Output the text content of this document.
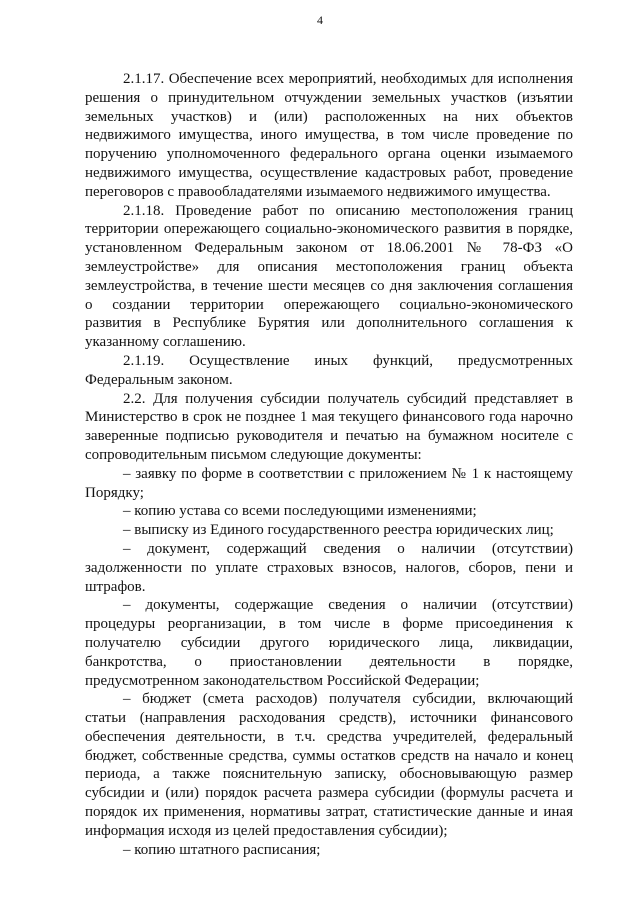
4
2.1.17. Обеспечение всех мероприятий, необходимых для исполнения
решения о принудительном отчуждении земельных участков (изъятии
земельных участков) и (или) расположенных на них объектов
недвижимого имущества, иного имущества, в том числе проведение по
поручению уполномоченного федерального органа оценки изымаемого
недвижимого имущества, осуществление кадастровых работ, проведение
переговоров с правообладателями изымаемого недвижимого имущества.
2.1.18. Проведение работ по описанию местоположения границ
территории опережающего социально-экономического развития в порядке,
установленном Федеральным законом от 18.06.2001 № 78-ФЗ «О
землеустройстве» для описания местоположения границ объекта
землеустройства, в течение шести месяцев со дня заключения соглашения
о создании территории опережающего социально-экономического
развития в Республике Бурятия или дополнительного соглашения к
указанному соглашению.
2.1.19. Осуществление иных функций, предусмотренных
Федеральным законом.
2.2. Для получения субсидии получатель субсидий представляет в
Министерство в срок не позднее 1 мая текущего финансового года нарочно
заверенные подписью руководителя и печатью на бумажном носителе с
сопроводительным письмом следующие документы:
– заявку по форме в соответствии с приложением № 1 к настоящему
Порядку;
– копию устава со всеми последующими изменениями;
– выписку из Единого государственного реестра юридических лиц;
– документ, содержащий сведения о наличии (отсутствии)
задолженности по уплате страховых взносов, налогов, сборов, пени и
штрафов.
– документы, содержащие сведения о наличии (отсутствии)
процедуры реорганизации, в том числе в форме присоединения к
получателю субсидии другого юридического лица, ликвидации,
банкротства, о приостановлении деятельности в порядке,
предусмотренном законодательством Российской Федерации;
– бюджет (смета расходов) получателя субсидии, включающий
статьи (направления расходования средств), источники финансового
обеспечения деятельности, в т.ч. средства учредителей, федеральный
бюджет, собственные средства, суммы остатков средств на начало и конец
периода, а также пояснительную записку, обосновывающую размер
субсидии и (или) порядок расчета размера субсидии (формулы расчета и
порядок их применения, нормативы затрат, статистические данные и иная
информация исходя из целей предоставления субсидии);
– копию штатного расписания;
